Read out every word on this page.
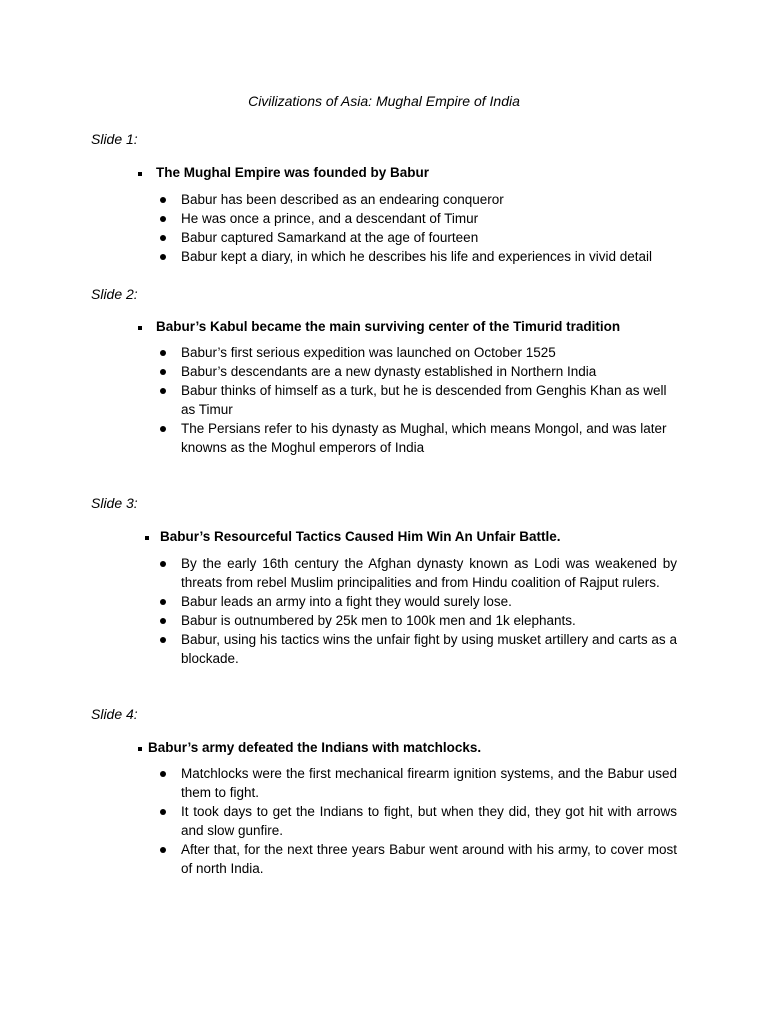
Civilizations of Asia: Mughal Empire of India
Slide 1:
The Mughal Empire was founded by Babur
Babur has been described as an endearing conqueror
He was once a prince, and a descendant of Timur
Babur captured Samarkand at the age of fourteen
Babur kept a diary, in which he describes his life and experiences in vivid detail
Slide 2:
Babur’s Kabul became the main surviving center of the Timurid tradition
Babur’s first serious expedition was launched on October 1525
Babur’s descendants are a new dynasty established in Northern India
Babur thinks of himself as a turk, but he is descended from Genghis Khan as well as Timur
The Persians refer to his dynasty as Mughal, which means Mongol, and was later knowns as the Moghul emperors of India
Slide 3:
Babur’s Resourceful Tactics Caused Him Win An Unfair Battle.
By the early 16th century the Afghan dynasty known as Lodi was weakened by threats from rebel Muslim principalities and from Hindu coalition of Rajput rulers.
Babur leads an army into a fight they would surely lose.
Babur is outnumbered by 25k men to 100k men and 1k elephants.
Babur, using his tactics wins the unfair fight by using musket artillery and carts as a blockade.
Slide 4:
Babur’s army defeated the Indians with matchlocks.
Matchlocks were the first mechanical firearm ignition systems, and the Babur used them to fight.
It took days to get the Indians to fight, but when they did, they got hit with arrows and slow gunfire.
After that, for the next three years Babur went around with his army, to cover most of north India.
